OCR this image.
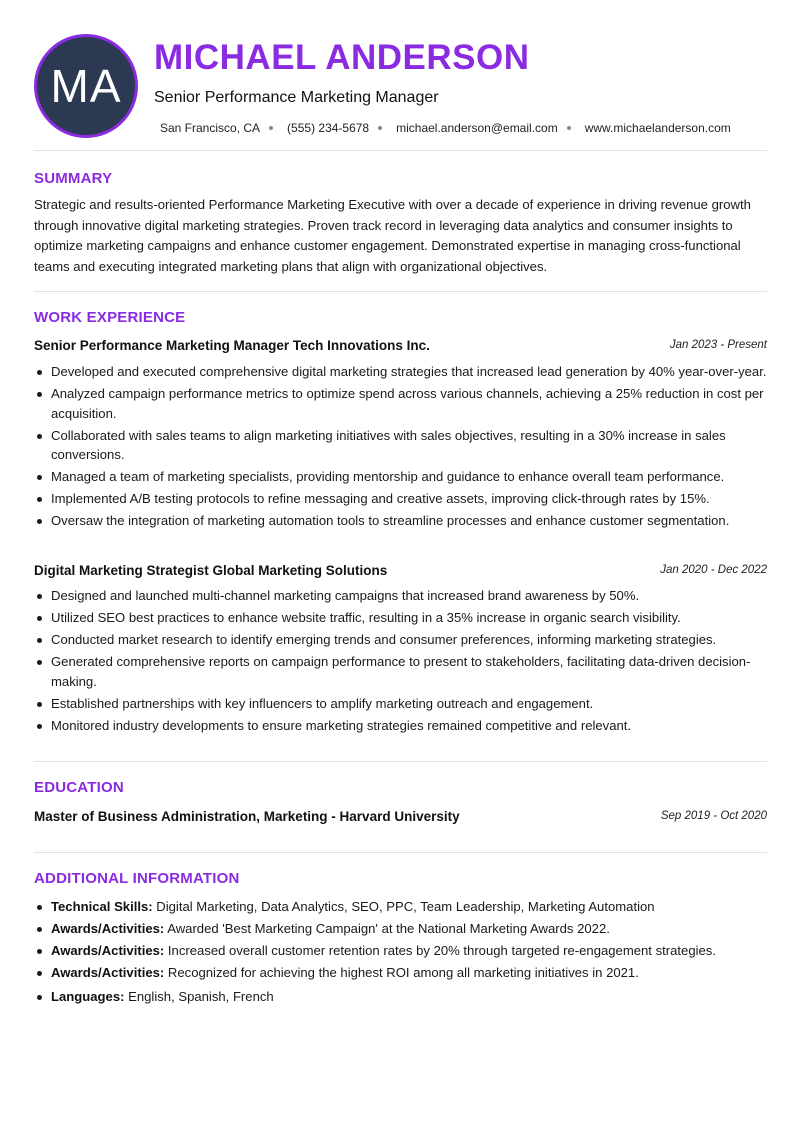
MA
MICHAEL ANDERSON
Senior Performance Marketing Manager
San Francisco, CA (555) 234-5678 michael.anderson@email.com www.michaelanderson.com
SUMMARY
Strategic and results-oriented Performance Marketing Executive with over a decade of experience in driving revenue growth through innovative digital marketing strategies. Proven track record in leveraging data analytics and consumer insights to optimize marketing campaigns and enhance customer engagement. Demonstrated expertise in managing cross-functional teams and executing integrated marketing plans that align with organizational objectives.
WORK EXPERIENCE
Senior Performance Marketing Manager Tech Innovations Inc.	Jan 2023 - Present
Developed and executed comprehensive digital marketing strategies that increased lead generation by 40% year-over-year.
Analyzed campaign performance metrics to optimize spend across various channels, achieving a 25% reduction in cost per acquisition.
Collaborated with sales teams to align marketing initiatives with sales objectives, resulting in a 30% increase in sales conversions.
Managed a team of marketing specialists, providing mentorship and guidance to enhance overall team performance.
Implemented A/B testing protocols to refine messaging and creative assets, improving click-through rates by 15%.
Oversaw the integration of marketing automation tools to streamline processes and enhance customer segmentation.
Digital Marketing Strategist Global Marketing Solutions	Jan 2020 - Dec 2022
Designed and launched multi-channel marketing campaigns that increased brand awareness by 50%.
Utilized SEO best practices to enhance website traffic, resulting in a 35% increase in organic search visibility.
Conducted market research to identify emerging trends and consumer preferences, informing marketing strategies.
Generated comprehensive reports on campaign performance to present to stakeholders, facilitating data-driven decision-making.
Established partnerships with key influencers to amplify marketing outreach and engagement.
Monitored industry developments to ensure marketing strategies remained competitive and relevant.
EDUCATION
Master of Business Administration, Marketing - Harvard University	Sep 2019 - Oct 2020
ADDITIONAL INFORMATION
Technical Skills: Digital Marketing, Data Analytics, SEO, PPC, Team Leadership, Marketing Automation
Awards/Activities: Awarded 'Best Marketing Campaign' at the National Marketing Awards 2022.
Awards/Activities: Increased overall customer retention rates by 20% through targeted re-engagement strategies.
Awards/Activities: Recognized for achieving the highest ROI among all marketing initiatives in 2021.
Languages: English, Spanish, French
